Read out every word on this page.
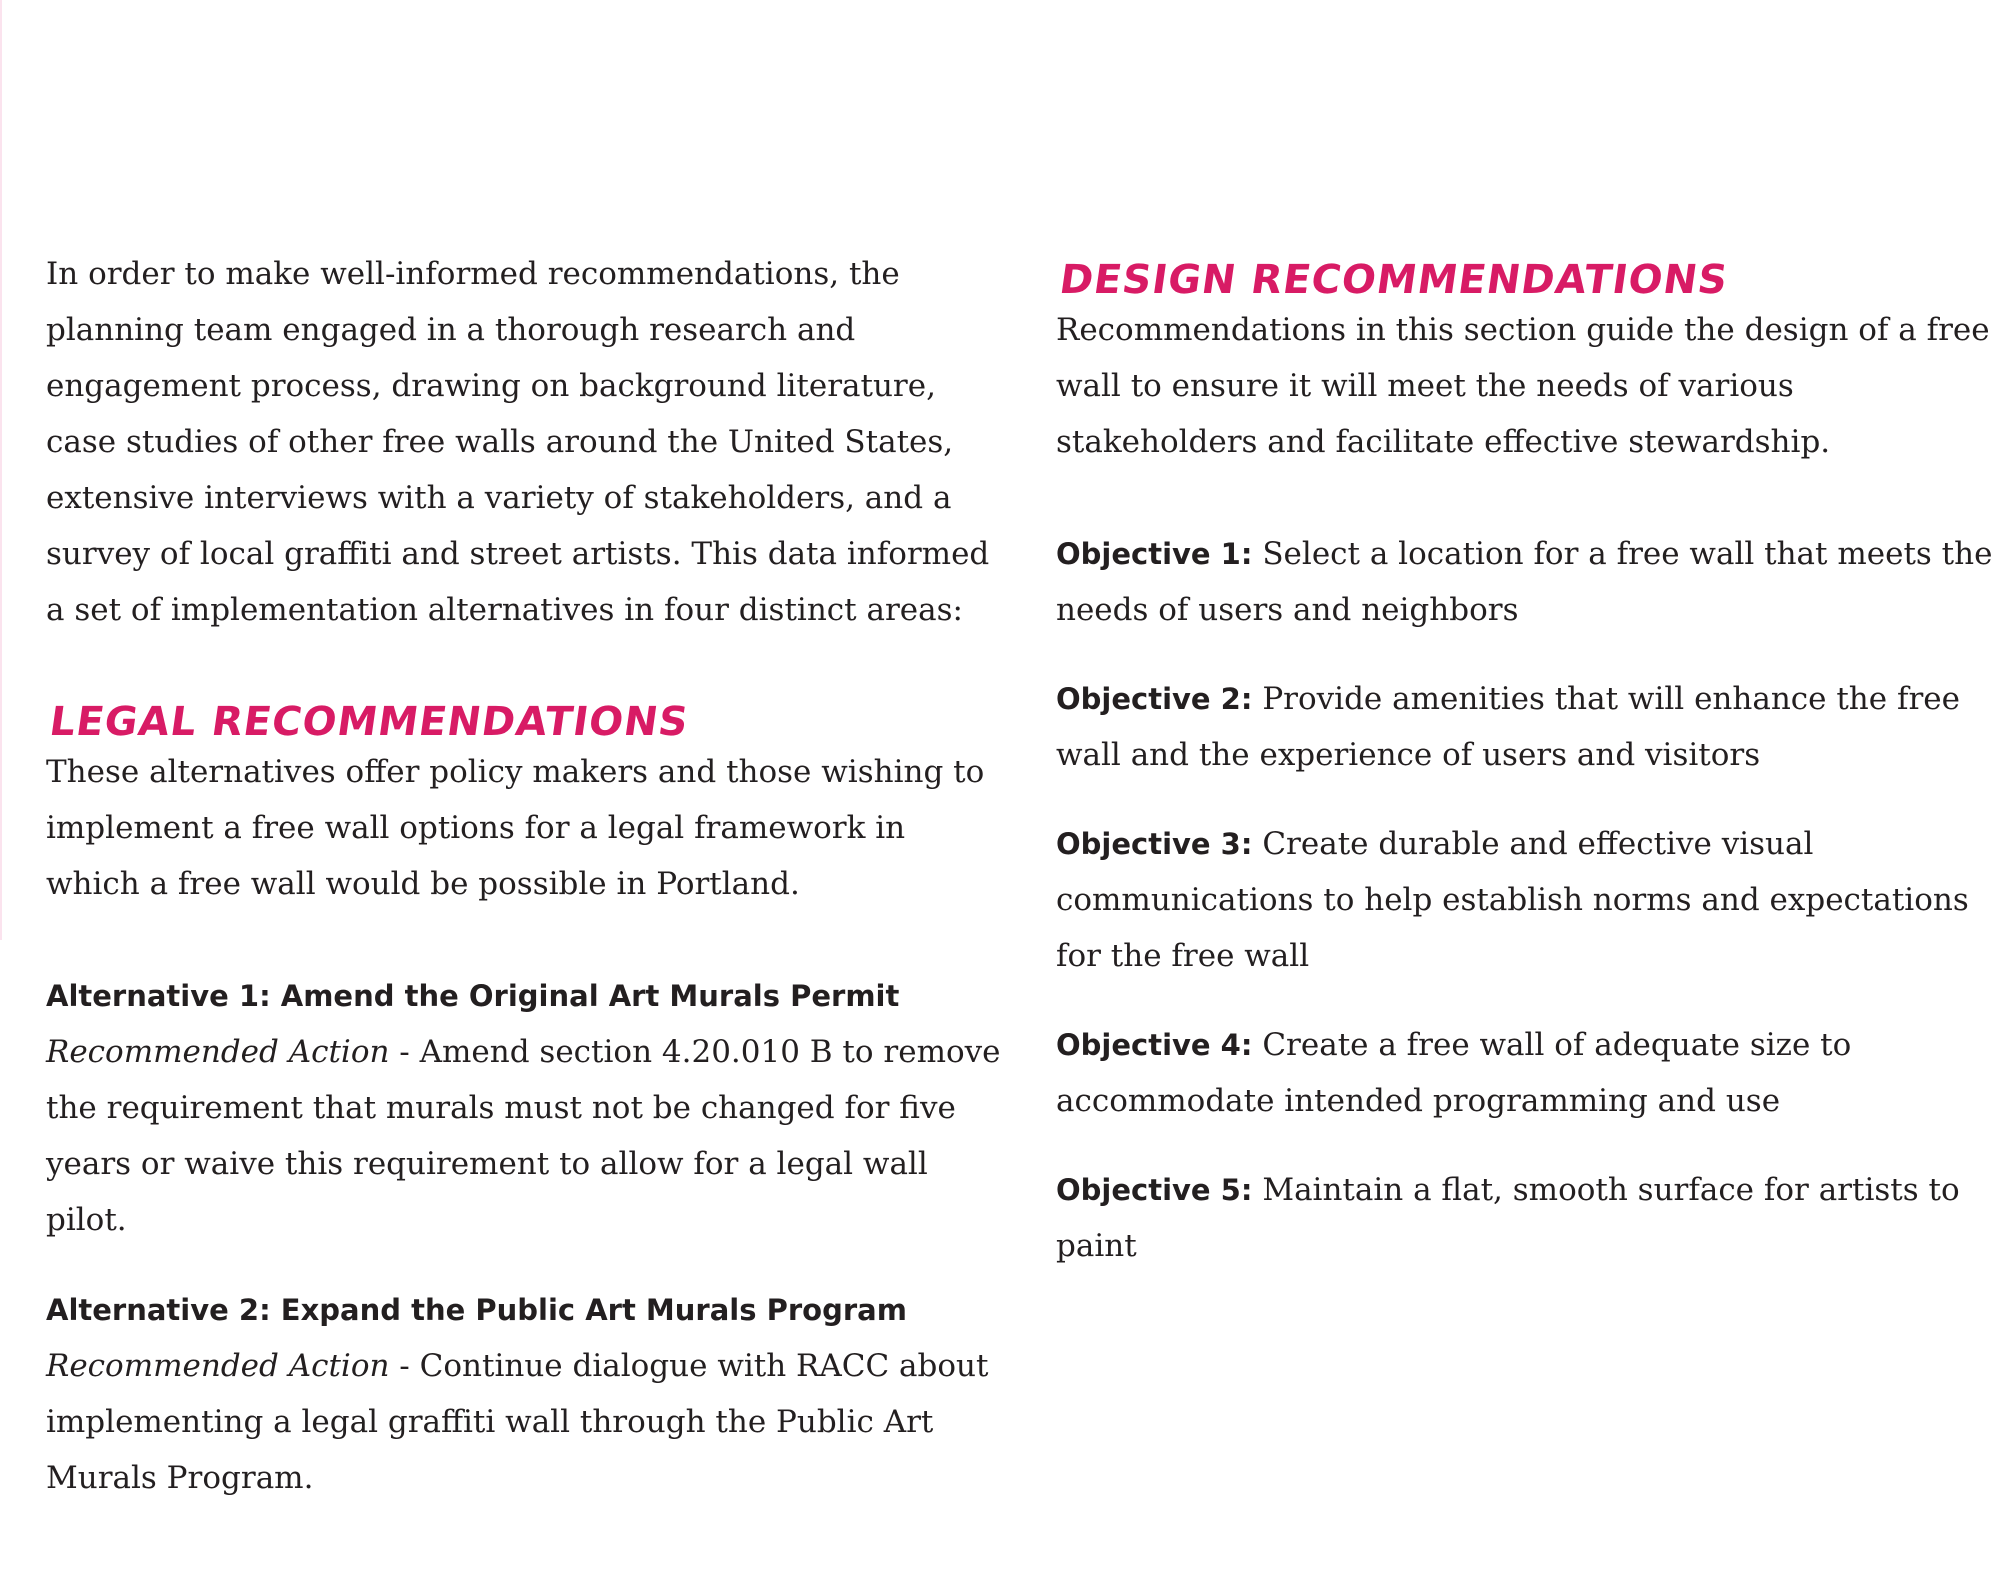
In order to make well-informed recommendations, the planning team engaged in a thorough research and engagement process, drawing on background literature, case studies of other free walls around the United States, extensive interviews with a variety of stakeholders, and a survey of local graffiti and street artists. This data informed a set of implementation alternatives in four distinct areas:

LEGAL RECOMMENDATIONS

These alternatives offer policy makers and those wishing to implement a free wall options for a legal framework in which a free wall would be possible in Portland.

Alternative 1: Amend the Original Art Murals Permit

Recommended Action - Amend section 4.20.010 B to remove the requirement that murals must not be changed for five years or waive this requirement to allow for a legal wall pilot.

Alternative 2: Expand the Public Art Murals Program

Recommended Action - Continue dialogue with RACC about implementing a legal graffiti wall through the Public Art Murals Program.

DESIGN RECOMMENDATIONS

Recommendations in this section guide the design of a free wall to ensure it will meet the needs of various stakeholders and facilitate effective stewardship.

Objective 1: Select a location for a free wall that meets the needs of users and neighbors

Objective 2: Provide amenities that will enhance the free wall and the experience of users and visitors

Objective 3: Create durable and effective visual communications to help establish norms and expectations for the free wall

Objective 4: Create a free wall of adequate size to accommodate intended programming and use

Objective 5: Maintain a flat, smooth surface for artists to paint
